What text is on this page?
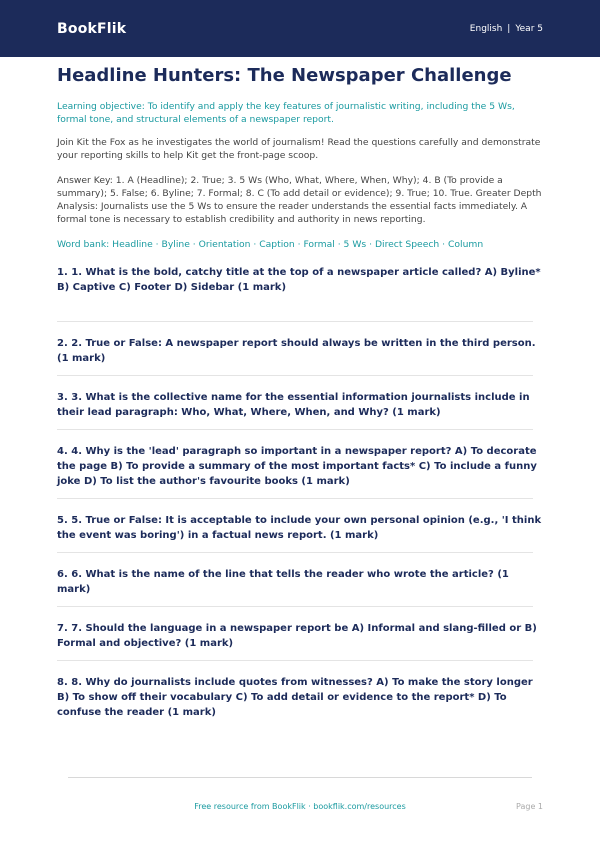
BookFlik	English | Year 5
Headline Hunters: The Newspaper Challenge
Learning objective: To identify and apply the key features of journalistic writing, including the 5 Ws, formal tone, and structural elements of a newspaper report.
Join Kit the Fox as he investigates the world of journalism! Read the questions carefully and demonstrate your reporting skills to help Kit get the front-page scoop.
Answer Key: 1. A (Headline); 2. True; 3. 5 Ws (Who, What, Where, When, Why); 4. B (To provide a summary); 5. False; 6. Byline; 7. Formal; 8. C (To add detail or evidence); 9. True; 10. True. Greater Depth Analysis: Journalists use the 5 Ws to ensure the reader understands the essential facts immediately. A formal tone is necessary to establish credibility and authority in news reporting.
Word bank: Headline · Byline · Orientation · Caption · Formal · 5 Ws · Direct Speech · Column

1. 1. What is the bold, catchy title at the top of a newspaper article called? A) Byline* B) Captive C) Footer D) Sidebar (1 mark)

2. 2. True or False: A newspaper report should always be written in the third person. (1 mark)

3. 3. What is the collective name for the essential information journalists include in their lead paragraph: Who, What, Where, When, and Why? (1 mark)

4. 4. Why is the 'lead' paragraph so important in a newspaper report? A) To decorate the page B) To provide a summary of the most important facts* C) To include a funny joke D) To list the author's favourite books (1 mark)

5. 5. True or False: It is acceptable to include your own personal opinion (e.g., 'I think the event was boring') in a factual news report. (1 mark)

6. 6. What is the name of the line that tells the reader who wrote the article? (1 mark)

7. 7. Should the language in a newspaper report be A) Informal and slang-filled or B) Formal and objective? (1 mark)

8. 8. Why do journalists include quotes from witnesses? A) To make the story longer B) To show off their vocabulary C) To add detail or evidence to the report* D) To confuse the reader (1 mark)

Free resource from BookFlik · bookflik.com/resources	Page 1
